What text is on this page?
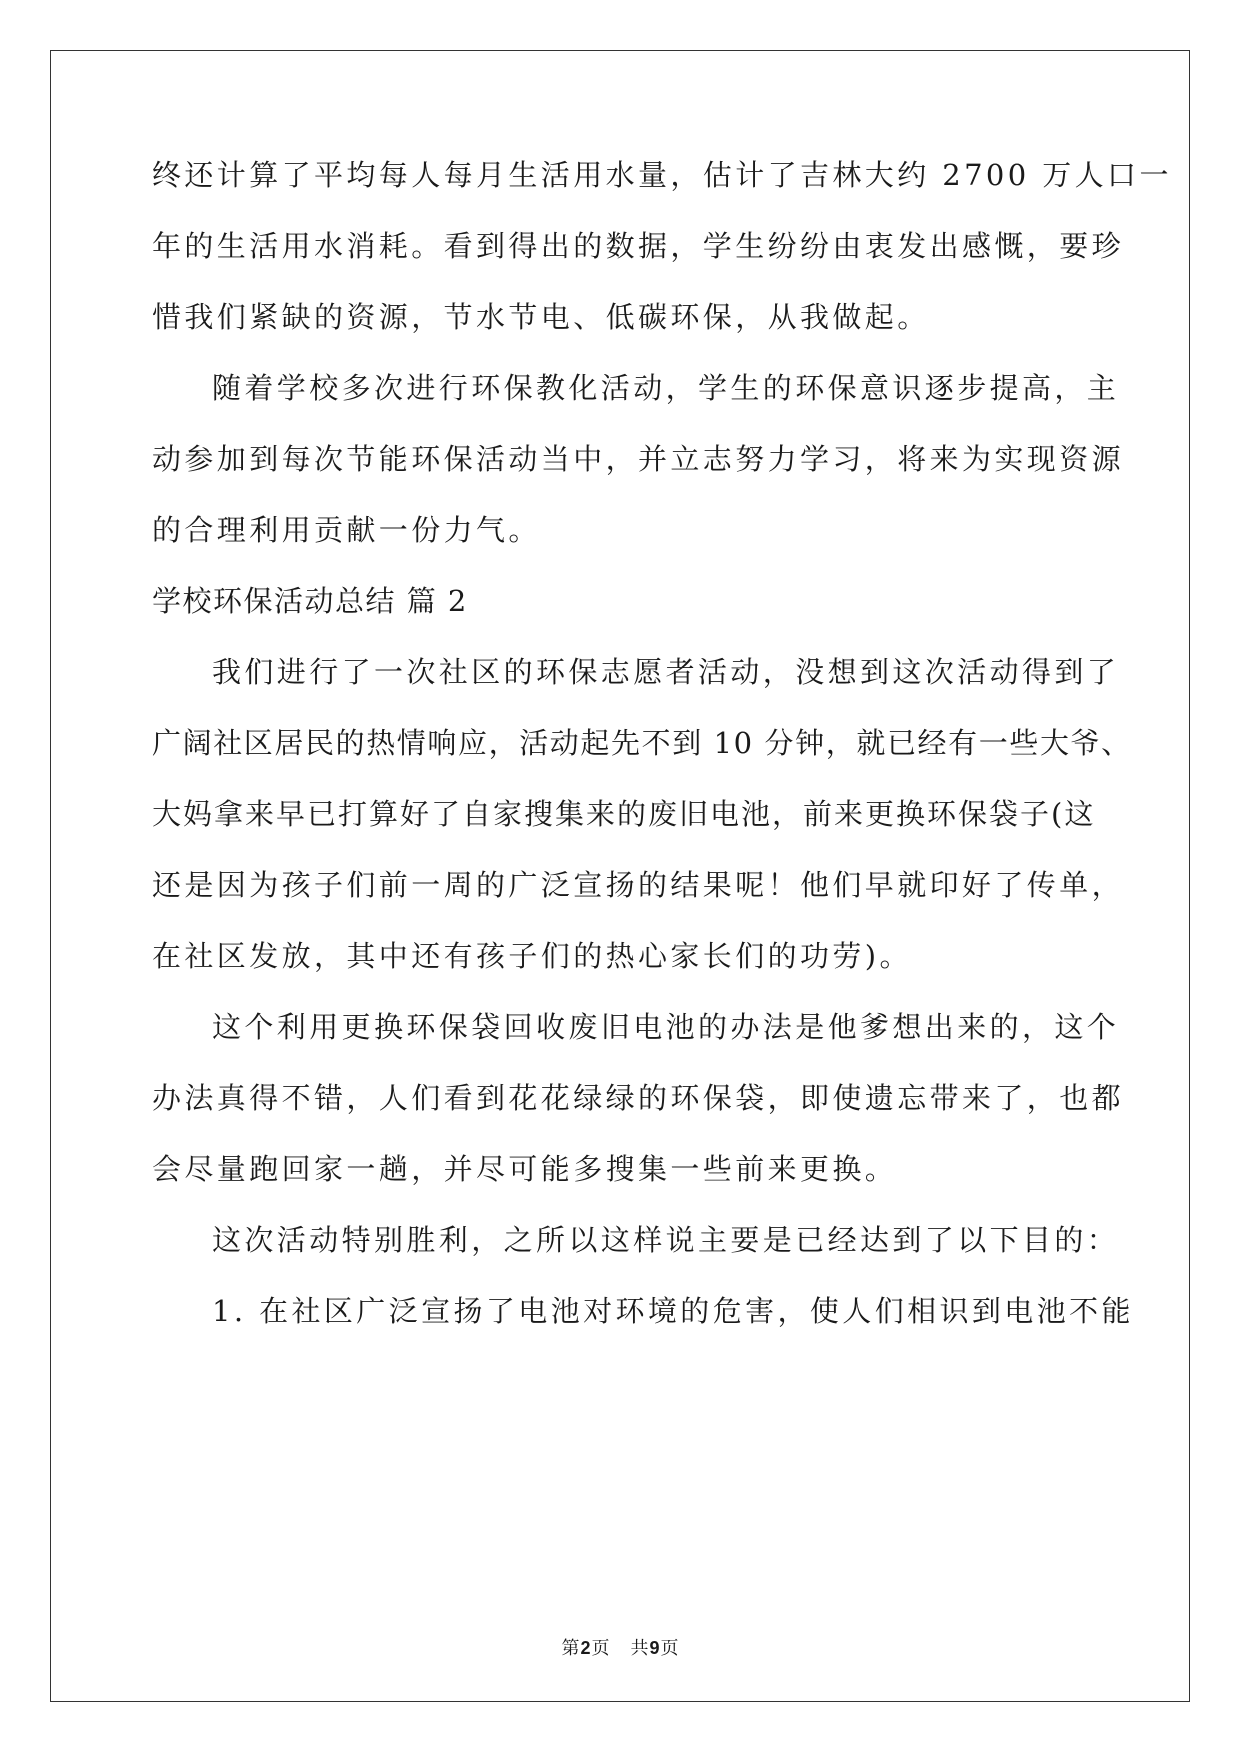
终还计算了平均每人每月生活用水量，估计了吉林大约 2700 万人口一
年的生活用水消耗。看到得出的数据，学生纷纷由衷发出感慨，要珍
惜我们紧缺的资源，节水节电、低碳环保，从我做起。
随着学校多次进行环保教化活动，学生的环保意识逐步提高，主
动参加到每次节能环保活动当中，并立志努力学习，将来为实现资源
的合理利用贡献一份力气。
学校环保活动总结 篇 2
我们进行了一次社区的环保志愿者活动，没想到这次活动得到了
广阔社区居民的热情响应，活动起先不到 10 分钟，就已经有一些大爷、
大妈拿来早已打算好了自家搜集来的废旧电池，前来更换环保袋子(这
还是因为孩子们前一周的广泛宣扬的结果呢！他们早就印好了传单，
在社区发放，其中还有孩子们的热心家长们的功劳)。
这个利用更换环保袋回收废旧电池的办法是他爹想出来的，这个
办法真得不错，人们看到花花绿绿的环保袋，即使遗忘带来了，也都
会尽量跑回家一趟，并尽可能多搜集一些前来更换。
这次活动特别胜利，之所以这样说主要是已经达到了以下目的：
1. 在社区广泛宣扬了电池对环境的危害，使人们相识到电池不能
第2页 共9页
